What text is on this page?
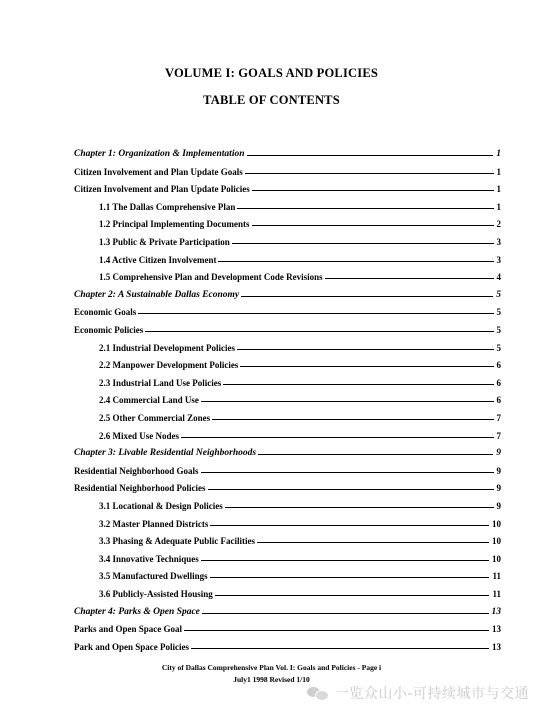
VOLUME I: GOALS AND POLICIES
TABLE OF CONTENTS
Chapter 1: Organization & Implementation	1
Citizen Involvement and Plan Update Goals	1
Citizen Involvement and Plan Update Policies	1
1.1 The Dallas Comprehensive Plan	1
1.2 Principal Implementing Documents	2
1.3 Public & Private Participation	3
1.4 Active Citizen Involvement	3
1.5 Comprehensive Plan and Development Code Revisions	4
Chapter 2: A Sustainable Dallas Economy	5
Economic Goals	5
Economic Policies	5
2.1 Industrial Development Policies	5
2.2 Manpower Development Policies	6
2.3 Industrial Land Use Policies	6
2.4 Commercial Land Use	6
2.5 Other Commercial Zones	7
2.6 Mixed Use Nodes	7
Chapter 3: Livable Residential Neighborhoods	9
Residential Neighborhood Goals	9
Residential Neighborhood Policies	9
3.1 Locational & Design Policies	9
3.2 Master Planned Districts	10
3.3 Phasing & Adequate Public Facilities	10
3.4 Innovative Techniques	10
3.5 Manufactured Dwellings	11
3.6 Publicly-Assisted Housing	11
Chapter 4: Parks & Open Space	13
Parks and Open Space Goal	13
Park and Open Space Policies	13
City of Dallas Comprehensive Plan Vol. I: Goals and Policies - Page i
July1 1998 Revised 1/10
一览众山小-可持续城市与交通
